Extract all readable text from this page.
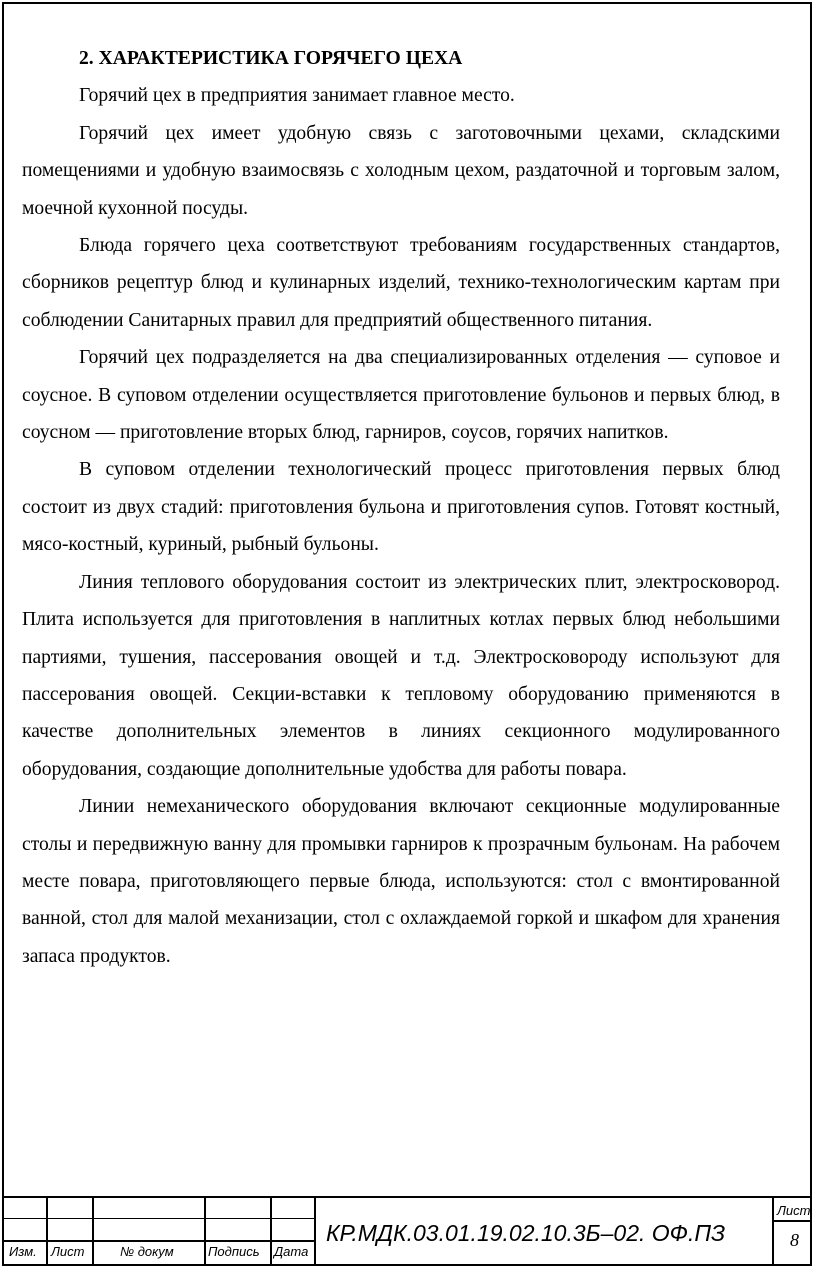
2. ХАРАКТЕРИСТИКА ГОРЯЧЕГО ЦЕХА

Горячий цех в предприятия занимает главное место.

Горячий цех имеет удобную связь с заготовочными цехами, складскими помещениями и удобную взаимосвязь с холодным цехом, раздаточной и торговым залом, моечной кухонной посуды.

Блюда горячего цеха соответствуют требованиям государственных стандартов, сборников рецептур блюд и кулинарных изделий, технико-технологическим картам при соблюдении Санитарных правил для предприятий общественного питания.

Горячий цех подразделяется на два специализированных отделения — суповое и соусное. В суповом отделении осуществляется приготовление бульонов и первых блюд, в соусном — приготовление вторых блюд, гарниров, соусов, горячих напитков.

В суповом отделении технологический процесс приготовления первых блюд состоит из двух стадий: приготовления бульона и приготовления супов. Готовят костный, мясо-костный, куриный, рыбный бульоны.

Линия теплового оборудования состоит из электрических плит, электросковород. Плита используется для приготовления в наплитных котлах первых блюд небольшими партиями, тушения, пассерования овощей и т.д. Электросковороду используют для пассерования овощей. Секции-вставки к тепловому оборудованию применяются в качестве дополнительных элементов в линиях секционного модулированного оборудования, создающие дополнительные удобства для работы повара.

Линии немеханического оборудования включают секционные модулированные столы и передвижную ванну для промывки гарниров к прозрачным бульонам. На рабочем месте повара, приготовляющего первые блюда, используются: стол с вмонтированной ванной, стол для малой механизации, стол с охлаждаемой горкой и шкафом для хранения запаса продуктов.

Изм. Лист	№ докум	Подпись Дата
КР.МДК.03.01.19.02.10.3Б–02. ОФ.ПЗ
Лист
8
